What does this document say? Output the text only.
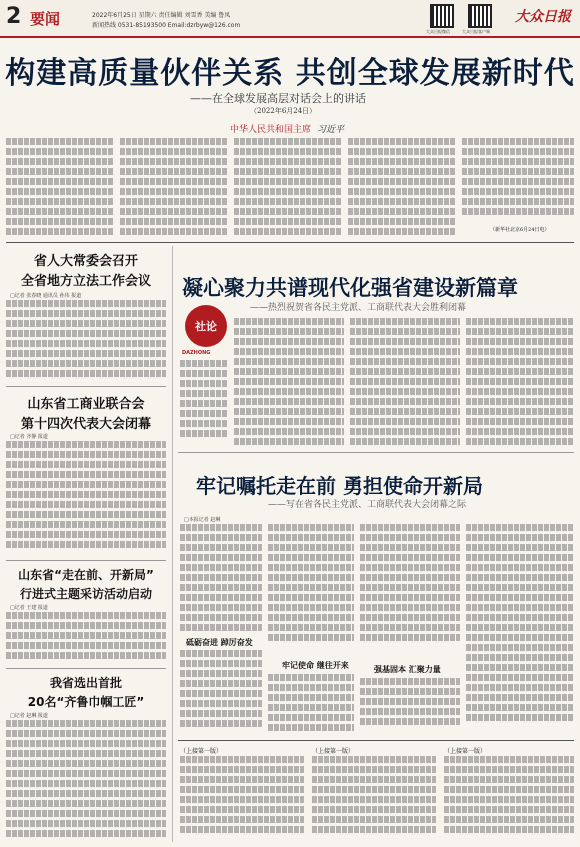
2 要闻	2022年6月25日 星期六 责任编辑 刘雪香 美编 鲁凤
新闻热线 0531-85193500 Email:dzrbyw@126.com
大众日报微信	大众日报客户端
大众日报
构建高质量伙伴关系 共创全球发展新时代
——在全球发展高层对话会上的讲话
（2022年6月24日）
中华人民共和国主席 习近平
（新华社北京6月24日电）
省人大常委会召开
全省地方立法工作会议
□记者 张春晓 通讯员 孙伟 报道
山东省工商业联合会
第十四次代表大会闭幕
□记者 齐静 报道
山东省“走在前、开新局”
行进式主题采访活动启动
□记者 王建 报道
我省选出首批
20名“齐鲁巾帼工匠”
□记者 赵琳 报道
凝心聚力共谱现代化强省建设新篇章
——热烈祝贺省各民主党派、工商联代表大会胜利闭幕
社论
DAZHONG
牢记嘱托走在前 勇担使命开新局
——写在省各民主党派、工商联代表大会闭幕之际
□本报记者 赵琳
砥砺奋进 踔厉奋发
牢记使命 继往开来	强基固本 汇聚力量
（上接第一版）	（上接第一版）	（上接第一版）
